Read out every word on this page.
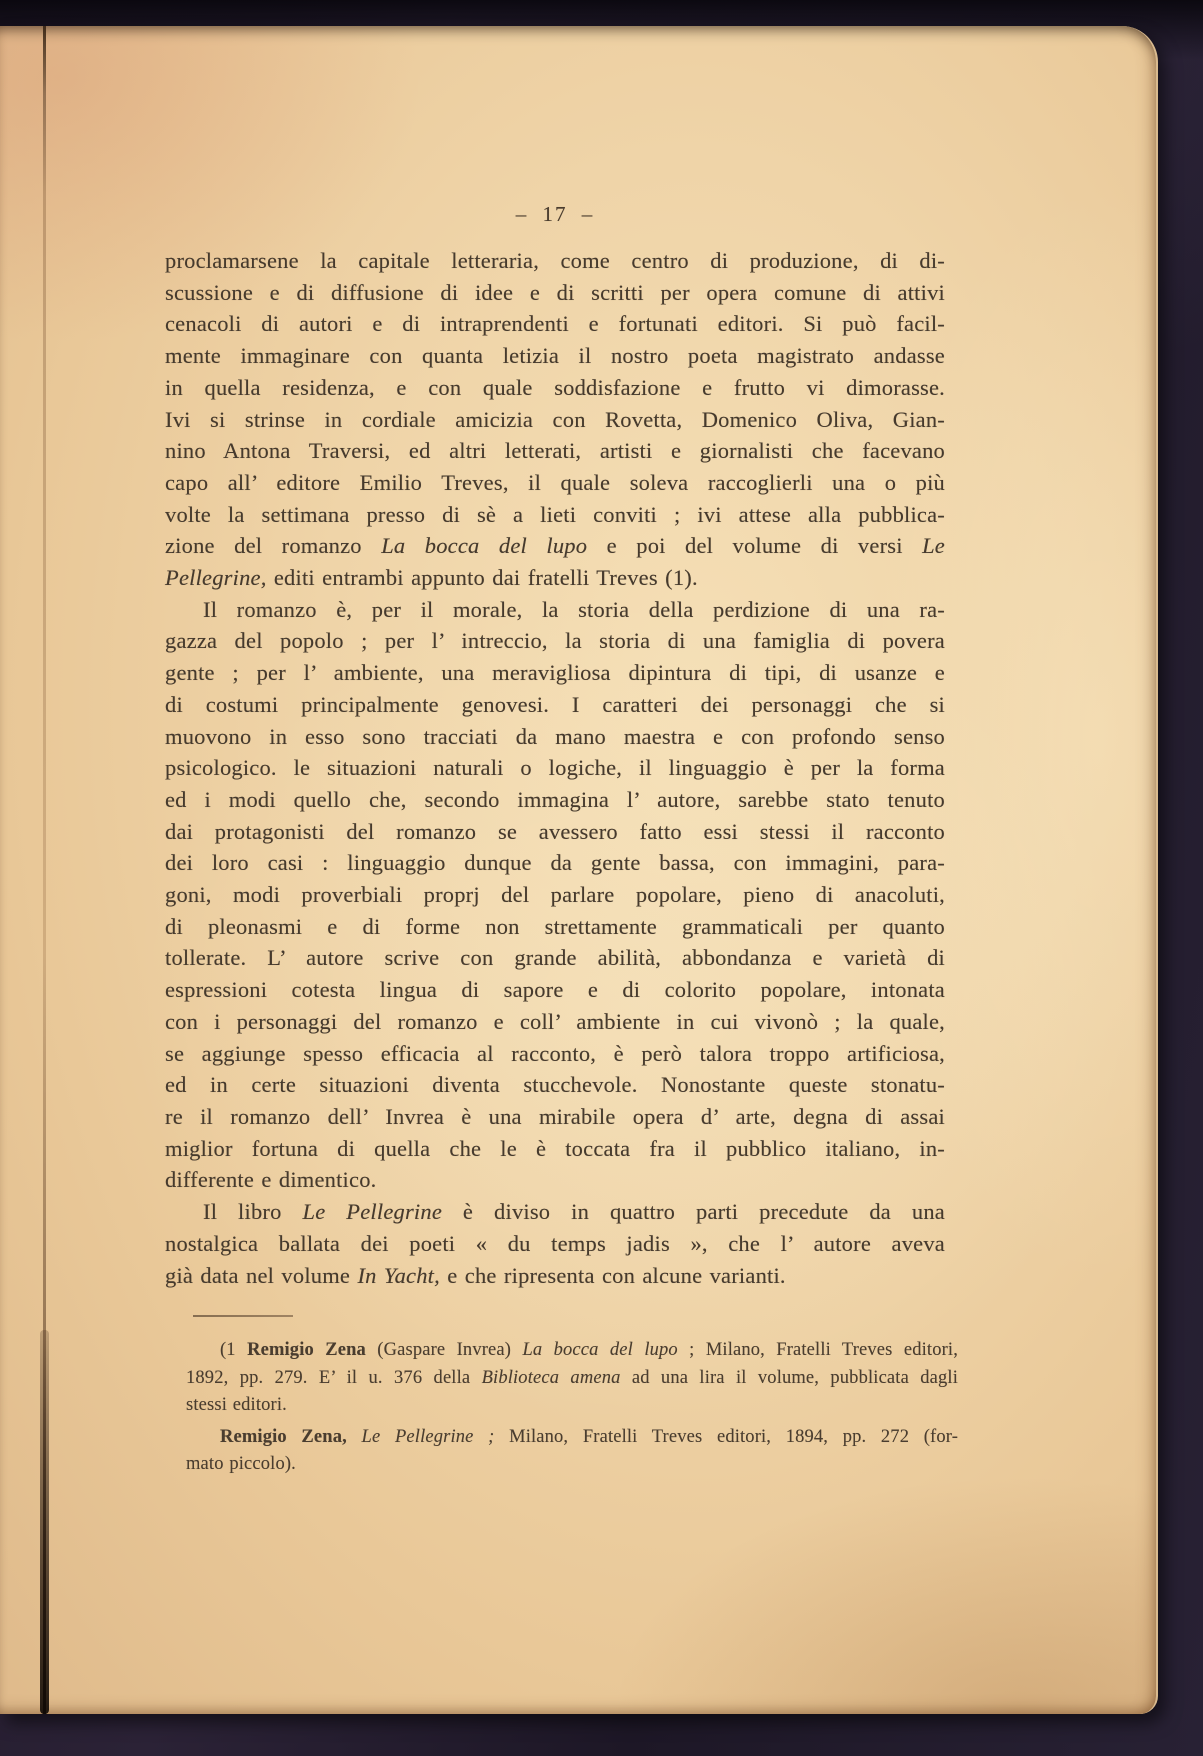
– 17 –
proclamarsene la capitale letteraria, come centro di produzione, di di-
scussione e di diffusione di idee e di scritti per opera comune di attivi
cenacoli di autori e di intraprendenti e fortunati editori. Si può facil-
mente immaginare con quanta letizia il nostro poeta magistrato andasse
in quella residenza, e con quale soddisfazione e frutto vi dimorasse.
Ivi si strinse in cordiale amicizia con Rovetta, Domenico Oliva, Gian-
nino Antona Traversi, ed altri letterati, artisti e giornalisti che facevano
capo all’ editore Emilio Treves, il quale soleva raccoglierli una o più
volte la settimana presso di sè a lieti conviti ; ivi attese alla pubblica-
zione del romanzo La bocca del lupo e poi del volume di versi Le
Pellegrine, editi entrambi appunto dai fratelli Treves (1).
Il romanzo è, per il morale, la storia della perdizione di una ra-
gazza del popolo ; per l’ intreccio, la storia di una famiglia di povera
gente ; per l’ ambiente, una meravigliosa dipintura di tipi, di usanze e
di costumi principalmente genovesi. I caratteri dei personaggi che si
muovono in esso sono tracciati da mano maestra e con profondo senso
psicologico. le situazioni naturali o logiche, il linguaggio è per la forma
ed i modi quello che, secondo immagina l’ autore, sarebbe stato tenuto
dai protagonisti del romanzo se avessero fatto essi stessi il racconto
dei loro casi : linguaggio dunque da gente bassa, con immagini, para-
goni, modi proverbiali proprj del parlare popolare, pieno di anacoluti,
di pleonasmi e di forme non strettamente grammaticali per quanto
tollerate. L’ autore scrive con grande abilità, abbondanza e varietà di
espressioni cotesta lingua di sapore e di colorito popolare, intonata
con i personaggi del romanzo e coll’ ambiente in cui vivonò ; la quale,
se aggiunge spesso efficacia al racconto, è però talora troppo artificiosa,
ed in certe situazioni diventa stucchevole. Nonostante queste stonatu-
re il romanzo dell’ Invrea è una mirabile opera d’ arte, degna di assai
miglior fortuna di quella che le è toccata fra il pubblico italiano, in-
differente e dimentico.
Il libro Le Pellegrine è diviso in quattro parti precedute da una
nostalgica ballata dei poeti « du temps jadis », che l’ autore aveva
già data nel volume In Yacht, e che ripresenta con alcune varianti.
(1 Remigio Zena (Gaspare Invrea) La bocca del lupo ; Milano, Fratelli Treves editori,
1892, pp. 279. E’ il u. 376 della Biblioteca amena ad una lira il volume, pubblicata dagli
stessi editori.
Remigio Zena, Le Pellegrine ; Milano, Fratelli Treves editori, 1894, pp. 272 (for-
mato piccolo).
